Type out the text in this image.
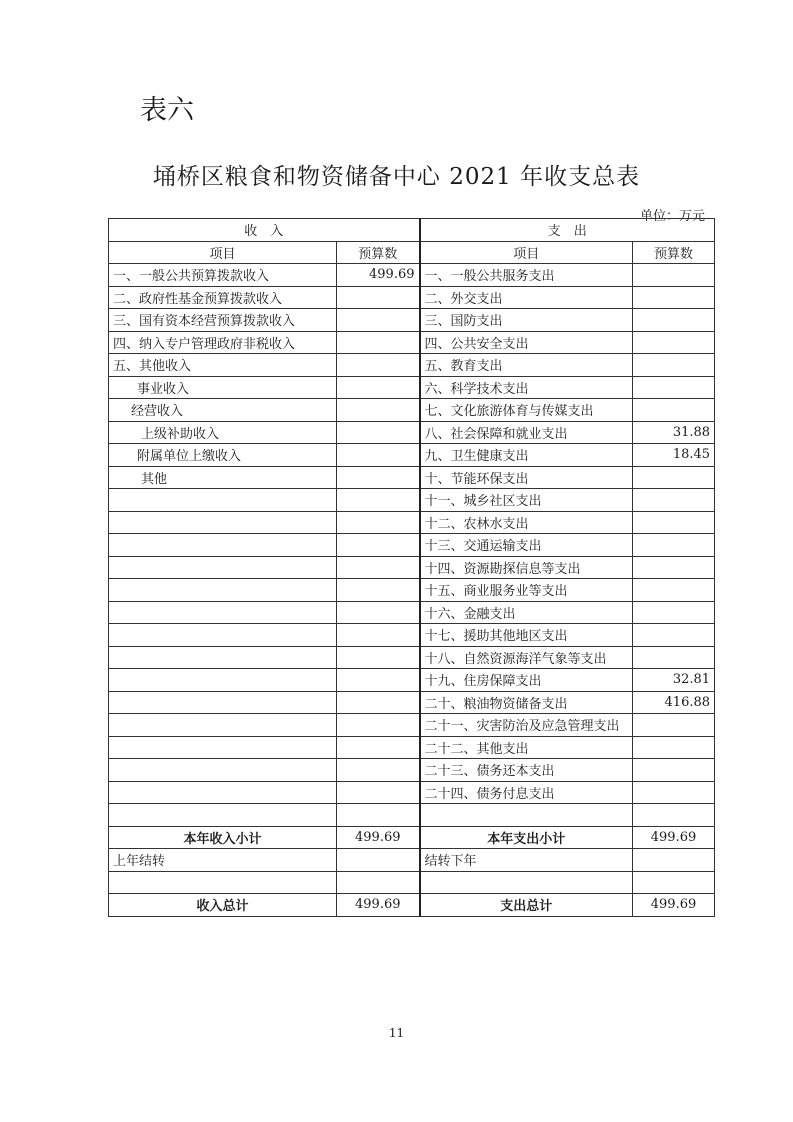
表六
埇桥区粮食和物资储备中心 2021 年收支总表
单位：万元
收　入		支　出	
项目	预算数	项目	预算数
一、一般公共预算拨款收入	499.69	一、一般公共服务支出	
二、政府性基金预算拨款收入		二、外交支出	
三、国有资本经营预算拨款收入		三、国防支出	
四、纳入专户管理政府非税收入		四、公共安全支出	
五、其他收入		五、教育支出	
事业收入		六、科学技术支出	
经营收入		七、文化旅游体育与传媒支出	
上级补助收入		八、社会保障和就业支出	31.88
附属单位上缴收入		九、卫生健康支出	18.45
其他		十、节能环保支出	
		十一、城乡社区支出	
		十二、农林水支出	
		十三、交通运输支出	
		十四、资源勘探信息等支出	
		十五、商业服务业等支出	
		十六、金融支出	
		十七、援助其他地区支出	
		十八、自然资源海洋气象等支出	
		十九、住房保障支出	32.81
		二十、粮油物资储备支出	416.88
		二十一、灾害防治及应急管理支出	
		二十二、其他支出	
		二十三、债务还本支出	
		二十四、债务付息支出	

本年收入小计	499.69	本年支出小计	499.69
上年结转		结转下年	

收入总计	499.69	支出总计	499.69
11
